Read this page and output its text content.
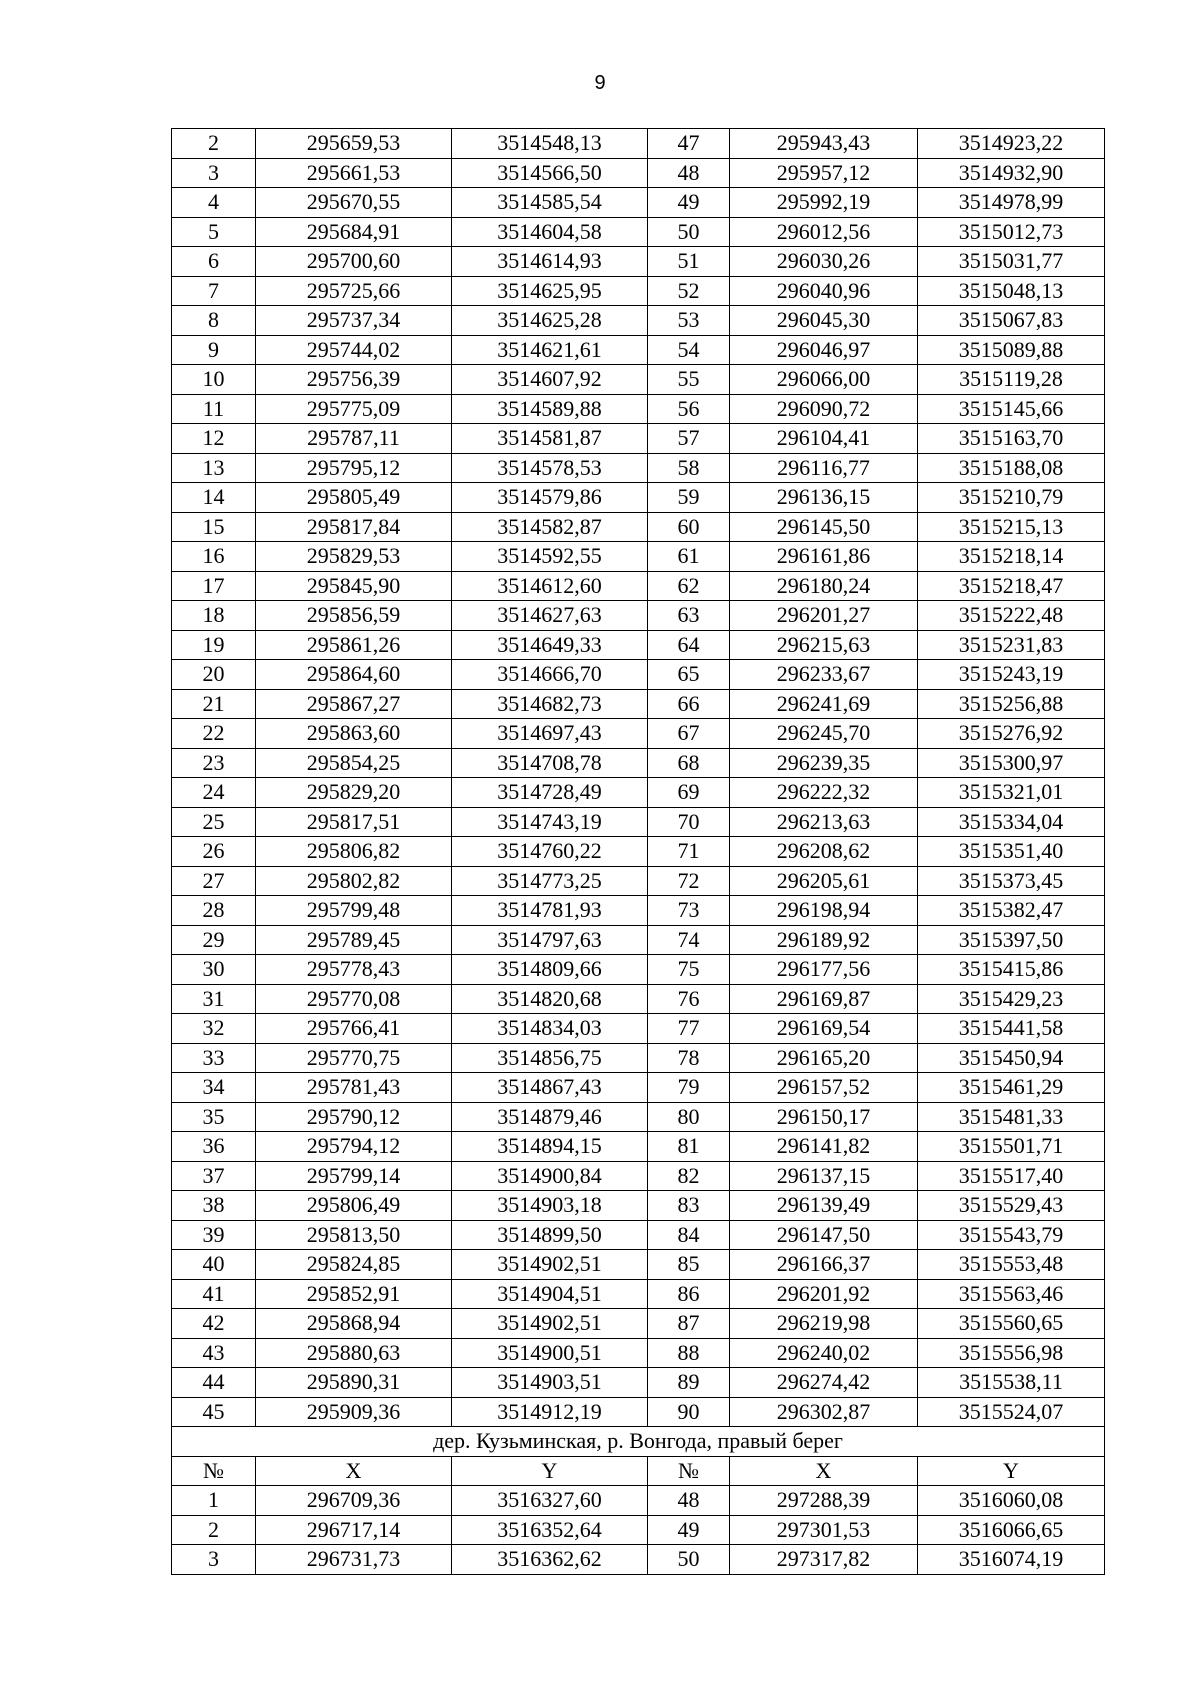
9
2	295659,53	3514548,13	47	295943,43	3514923,22
3	295661,53	3514566,50	48	295957,12	3514932,90
4	295670,55	3514585,54	49	295992,19	3514978,99
5	295684,91	3514604,58	50	296012,56	3515012,73
6	295700,60	3514614,93	51	296030,26	3515031,77
7	295725,66	3514625,95	52	296040,96	3515048,13
8	295737,34	3514625,28	53	296045,30	3515067,83
9	295744,02	3514621,61	54	296046,97	3515089,88
10	295756,39	3514607,92	55	296066,00	3515119,28
11	295775,09	3514589,88	56	296090,72	3515145,66
12	295787,11	3514581,87	57	296104,41	3515163,70
13	295795,12	3514578,53	58	296116,77	3515188,08
14	295805,49	3514579,86	59	296136,15	3515210,79
15	295817,84	3514582,87	60	296145,50	3515215,13
16	295829,53	3514592,55	61	296161,86	3515218,14
17	295845,90	3514612,60	62	296180,24	3515218,47
18	295856,59	3514627,63	63	296201,27	3515222,48
19	295861,26	3514649,33	64	296215,63	3515231,83
20	295864,60	3514666,70	65	296233,67	3515243,19
21	295867,27	3514682,73	66	296241,69	3515256,88
22	295863,60	3514697,43	67	296245,70	3515276,92
23	295854,25	3514708,78	68	296239,35	3515300,97
24	295829,20	3514728,49	69	296222,32	3515321,01
25	295817,51	3514743,19	70	296213,63	3515334,04
26	295806,82	3514760,22	71	296208,62	3515351,40
27	295802,82	3514773,25	72	296205,61	3515373,45
28	295799,48	3514781,93	73	296198,94	3515382,47
29	295789,45	3514797,63	74	296189,92	3515397,50
30	295778,43	3514809,66	75	296177,56	3515415,86
31	295770,08	3514820,68	76	296169,87	3515429,23
32	295766,41	3514834,03	77	296169,54	3515441,58
33	295770,75	3514856,75	78	296165,20	3515450,94
34	295781,43	3514867,43	79	296157,52	3515461,29
35	295790,12	3514879,46	80	296150,17	3515481,33
36	295794,12	3514894,15	81	296141,82	3515501,71
37	295799,14	3514900,84	82	296137,15	3515517,40
38	295806,49	3514903,18	83	296139,49	3515529,43
39	295813,50	3514899,50	84	296147,50	3515543,79
40	295824,85	3514902,51	85	296166,37	3515553,48
41	295852,91	3514904,51	86	296201,92	3515563,46
42	295868,94	3514902,51	87	296219,98	3515560,65
43	295880,63	3514900,51	88	296240,02	3515556,98
44	295890,31	3514903,51	89	296274,42	3515538,11
45	295909,36	3514912,19	90	296302,87	3515524,07
дер. Кузьминская, р. Вонгода, правый берег					
№	X	Y	№	X	Y
1	296709,36	3516327,60	48	297288,39	3516060,08
2	296717,14	3516352,64	49	297301,53	3516066,65
3	296731,73	3516362,62	50	297317,82	3516074,19
